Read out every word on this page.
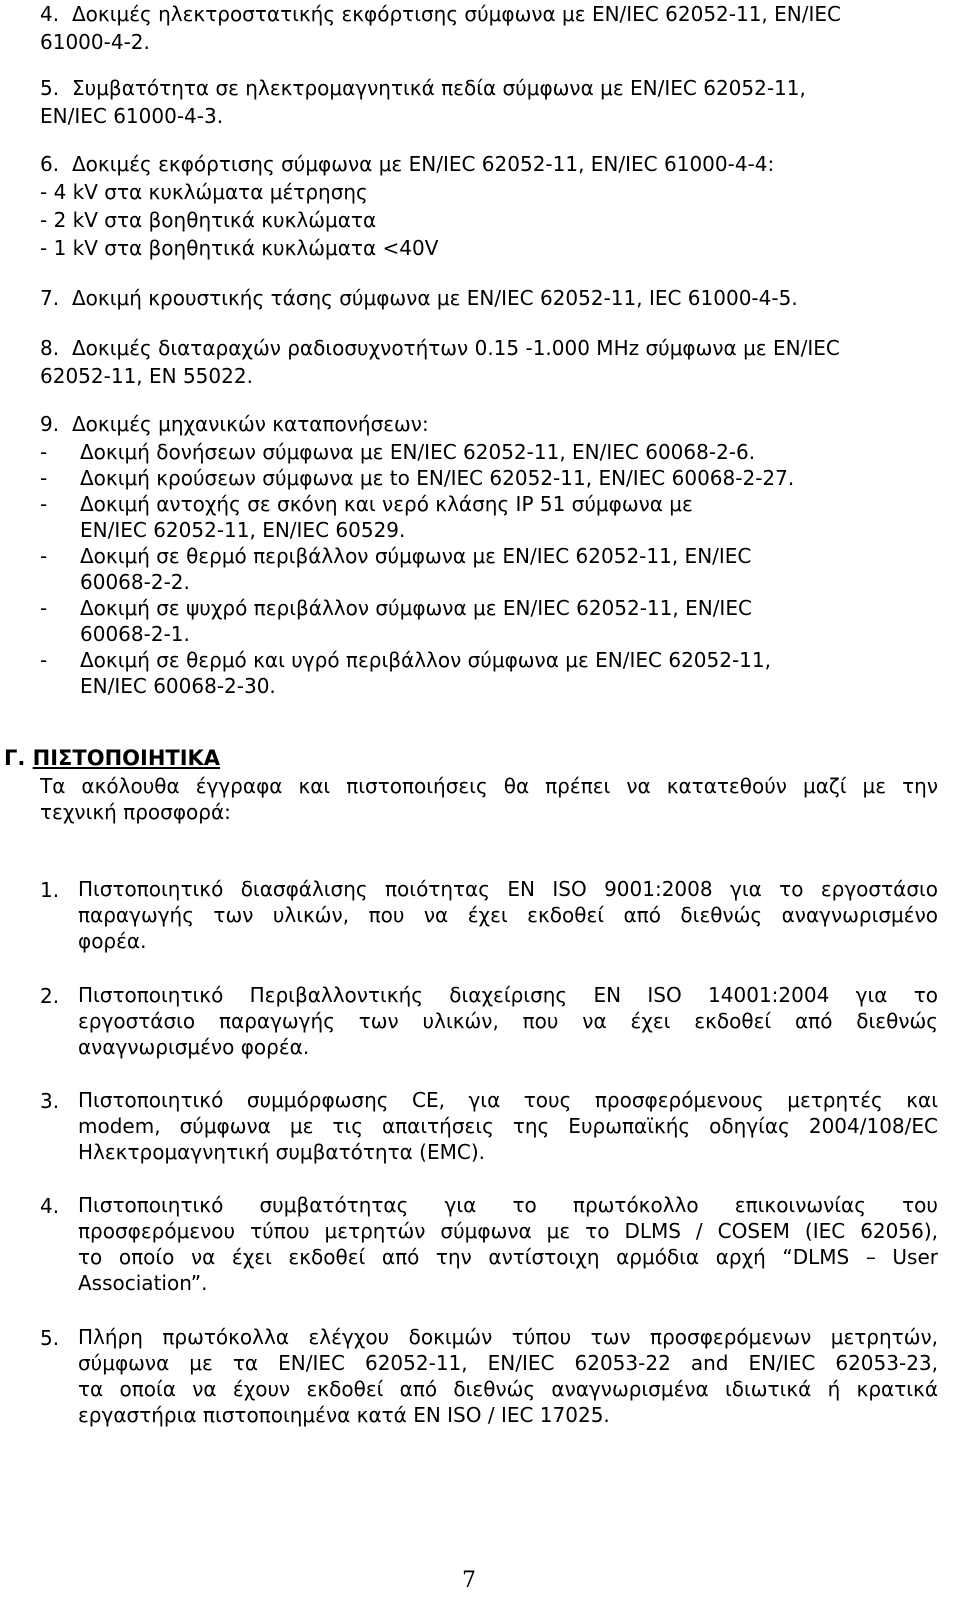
4. Δοκιμές ηλεκτροστατικής εκφόρτισης σύμφωνα με EN/IEC 62052-11, EN/IEC
61000-4-2.
5. Συμβατότητα σε ηλεκτρομαγνητικά πεδία σύμφωνα με EN/IEC 62052-11,
EN/IEC 61000-4-3.
6. Δοκιμές εκφόρτισης σύμφωνα με EN/IEC 62052-11, EN/IEC 61000-4-4:
- 4 kV στα κυκλώματα μέτρησης
- 2 kV στα βοηθητικά κυκλώματα
- 1 kV στα βοηθητικά κυκλώματα <40V
7. Δοκιμή κρουστικής τάσης σύμφωνα με EN/IEC 62052-11, IEC 61000-4-5.
8. Δοκιμές διαταραχών ραδιοσυχνοτήτων 0.15 -1.000 MHz σύμφωνα με EN/IEC
62052-11, EN 55022.
9. Δοκιμές μηχανικών καταπονήσεων:
- Δοκιμή δονήσεων σύμφωνα με EN/IEC 62052-11, EN/IEC 60068-2-6.
- Δοκιμή κρούσεων σύμφωνα με to EN/IEC 62052-11, EN/IEC 60068-2-27.
- Δοκιμή αντοχής σε σκόνη και νερό κλάσης IP 51 σύμφωνα με
EN/IEC 62052-11, EN/IEC 60529.
- Δοκιμή σε θερμό περιβάλλον σύμφωνα με EN/IEC 62052-11, EN/IEC
60068-2-2.
- Δοκιμή σε ψυχρό περιβάλλον σύμφωνα με EN/IEC 62052-11, EN/IEC
60068-2-1.
- Δοκιμή σε θερμό και υγρό περιβάλλον σύμφωνα με EN/IEC 62052-11,
EN/IEC 60068-2-30.
Γ. ΠΙΣΤΟΠΟΙΗΤΙΚΑ
Τα ακόλουθα έγγραφα και πιστοποιήσεις θα πρέπει να κατατεθούν μαζί με την
τεχνική προσφορά:
1. Πιστοποιητικό διασφάλισης ποιότητας EN ISO 9001:2008 για το εργοστάσιο
παραγωγής των υλικών, που να έχει εκδοθεί από διεθνώς αναγνωρισμένο
φορέα.
2. Πιστοποιητικό Περιβαλλοντικής διαχείρισης EN ISO 14001:2004 για το
εργοστάσιο παραγωγής των υλικών, που να έχει εκδοθεί από διεθνώς
αναγνωρισμένο φορέα.
3. Πιστοποιητικό συμμόρφωσης CE, για τους προσφερόμενους μετρητές και
modem, σύμφωνα με τις απαιτήσεις της Ευρωπαϊκής οδηγίας 2004/108/EC
Ηλεκτρομαγνητική συμβατότητα (EMC).
4. Πιστοποιητικό συμβατότητας για το πρωτόκολλο επικοινωνίας του
προσφερόμενου τύπου μετρητών σύμφωνα με το DLMS / COSEM (IEC 62056),
το οποίο να έχει εκδοθεί από την αντίστοιχη αρμόδια αρχή “DLMS – User
Association”.
5. Πλήρη πρωτόκολλα ελέγχου δοκιμών τύπου των προσφερόμενων μετρητών,
σύμφωνα με τα EN/IEC 62052-11, EN/IEC 62053-22 and EN/IEC 62053-23,
τα οποία να έχουν εκδοθεί από διεθνώς αναγνωρισμένα ιδιωτικά ή κρατικά
εργαστήρια πιστοποιημένα κατά EN ISO / IEC 17025.
7
